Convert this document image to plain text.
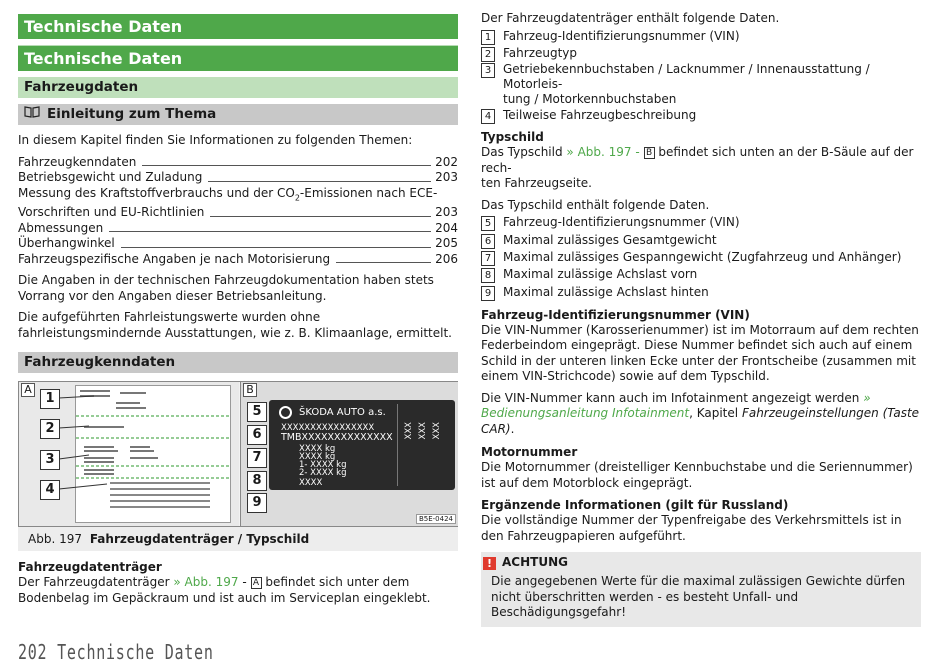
Technische Daten
Technische Daten
Fahrzeugdaten
Einleitung zum Thema

In diesem Kapitel finden Sie Informationen zu folgenden Themen:

Fahrzeugkenndaten	202
Betriebsgewicht und Zuladung	203
Messung des Kraftstoffverbrauchs und der $CO_2$-Emissionen nach ECE-
Vorschriften und EU-Richtlinien	203
Abmessungen	204
Überhangwinkel	205
Fahrzeugspezifische Angaben je nach Motorisierung	206

Die Angaben in der technischen Fahrzeugdokumentation haben stets Vorrang vor den Angaben dieser Betriebsanleitung.

Die aufgeführten Fahrleistungswerte wurden ohne fahrleistungsmindernde Ausstattungen, wie z. B. Klimaanlage, ermittelt.

Fahrzeugkenndaten
A
1
2
3
4
B
ŠKODA AUTO a.s.
XXXXXXXXXXXXXXXX
TMBXXXXXXXXXXXXXX
XXXX kg
XXXX kg
1- XXXX kg
2- XXXX kg
XXXX
XXX XXX XXX
5
6
7
8
9
B5E-0424
Abb. 197 Fahrzeugdatenträger / Typschild
Fahrzeugdatenträger

Der Fahrzeugdatenträger » Abb. 197 - A befindet sich unter dem Bodenbelag im Gepäckraum und ist auch im Serviceplan eingeklebt.

Der Fahrzeugdatenträger enthält folgende Daten.

1 Fahrzeug-Identifizierungsnummer (VIN)
2 Fahrzeugtyp
3 Getriebekennbuchstaben / Lacknummer / Innenausstattung / Motorleis-
tung / Motorkennbuchstaben
4 Teilweise Fahrzeugbeschreibung
Typschild

Das Typschild » Abb. 197 - B befindet sich unten an der B-Säule auf der rech-
ten Fahrzeugseite.

Das Typschild enthält folgende Daten.

5 Fahrzeug-Identifizierungsnummer (VIN)
6 Maximal zulässiges Gesamtgewicht
7 Maximal zulässiges Gespanngewicht (Zugfahrzeug und Anhänger)
8 Maximal zulässige Achslast vorn
9 Maximal zulässige Achslast hinten
Fahrzeug-Identifizierungsnummer (VIN)

Die VIN-Nummer (Karosserienummer) ist im Motorraum auf dem rechten Federbeindom eingeprägt. Diese Nummer befindet sich auch auf einem Schild in der unteren linken Ecke unter der Frontscheibe (zusammen mit einem VIN-Strichcode) sowie auf dem Typschild.

Die VIN-Nummer kann auch im Infotainment angezeigt werden » Bedienungsanleitung Infotainment, Kapitel Fahrzeugeinstellungen (Taste CAR).

Motornummer

Die Motornummer (dreistelliger Kennbuchstabe und die Seriennummer) ist auf dem Motorblock eingeprägt.

Ergänzende Informationen (gilt für Russland)

Die vollständige Nummer der Typenfreigabe des Verkehrsmittels ist in den Fahrzeugpapieren aufgeführt.

! ACHTUNG
Die angegebenen Werte für die maximal zulässigen Gewichte dürfen nicht überschritten werden - es besteht Unfall- und Beschädigungsgefahr!
202 Technische Daten
